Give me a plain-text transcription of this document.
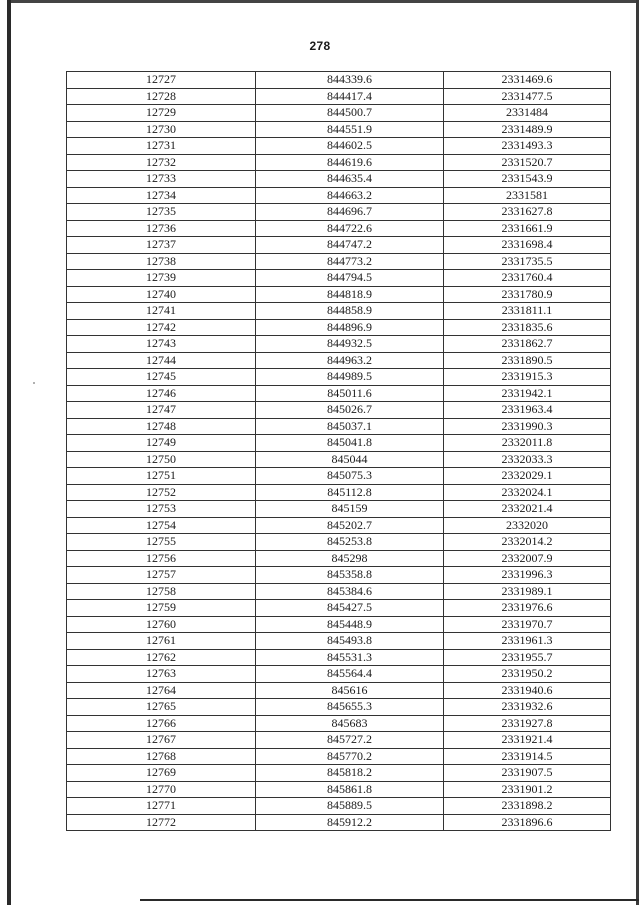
278
12727	844339.6	2331469.6
12728	844417.4	2331477.5
12729	844500.7	2331484
12730	844551.9	2331489.9
12731	844602.5	2331493.3
12732	844619.6	2331520.7
12733	844635.4	2331543.9
12734	844663.2	2331581
12735	844696.7	2331627.8
12736	844722.6	2331661.9
12737	844747.2	2331698.4
12738	844773.2	2331735.5
12739	844794.5	2331760.4
12740	844818.9	2331780.9
12741	844858.9	2331811.1
12742	844896.9	2331835.6
12743	844932.5	2331862.7
12744	844963.2	2331890.5
12745	844989.5	2331915.3
12746	845011.6	2331942.1
12747	845026.7	2331963.4
12748	845037.1	2331990.3
12749	845041.8	2332011.8
12750	845044	2332033.3
12751	845075.3	2332029.1
12752	845112.8	2332024.1
12753	845159	2332021.4
12754	845202.7	2332020
12755	845253.8	2332014.2
12756	845298	2332007.9
12757	845358.8	2331996.3
12758	845384.6	2331989.1
12759	845427.5	2331976.6
12760	845448.9	2331970.7
12761	845493.8	2331961.3
12762	845531.3	2331955.7
12763	845564.4	2331950.2
12764	845616	2331940.6
12765	845655.3	2331932.6
12766	845683	2331927.8
12767	845727.2	2331921.4
12768	845770.2	2331914.5
12769	845818.2	2331907.5
12770	845861.8	2331901.2
12771	845889.5	2331898.2
12772	845912.2	2331896.6
